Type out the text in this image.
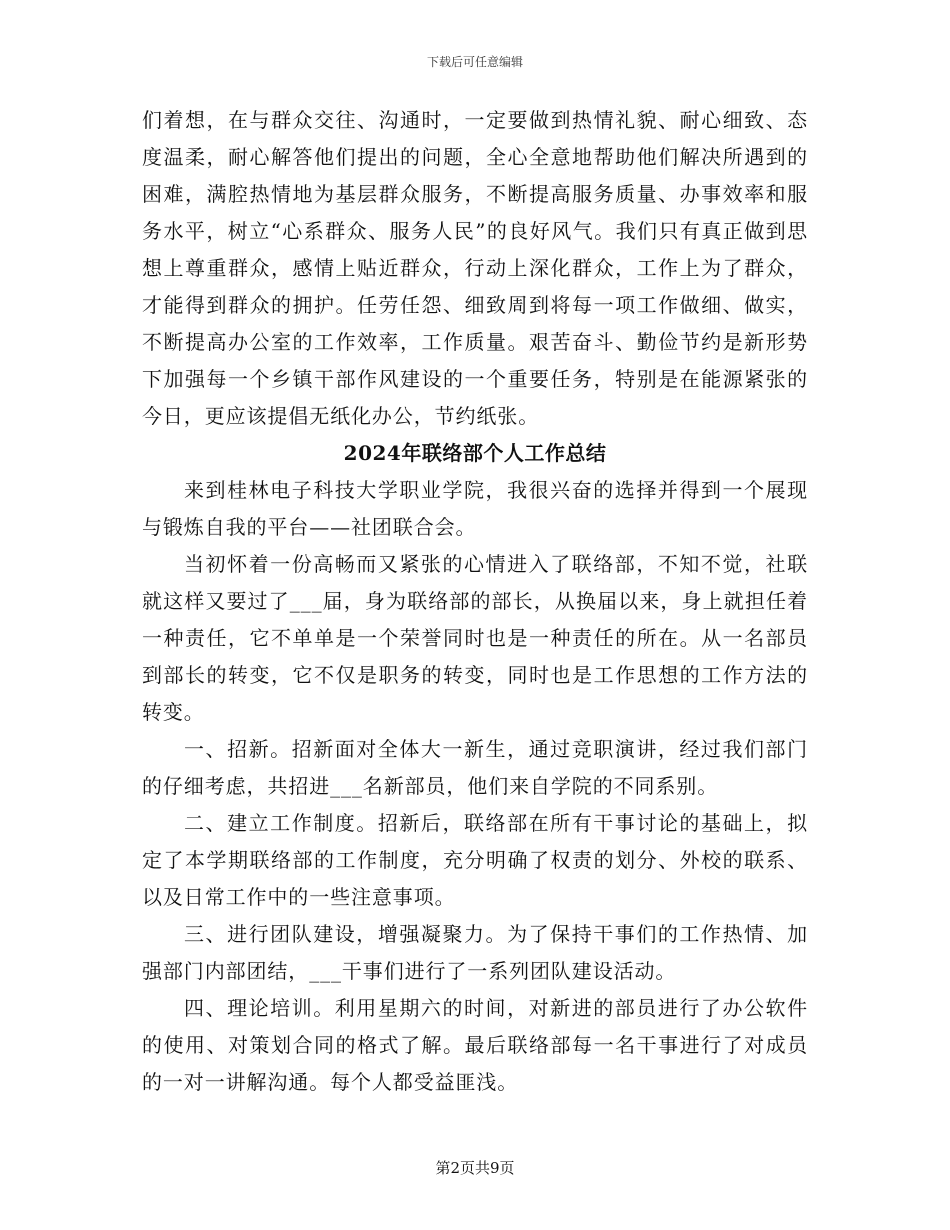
下载后可任意编辑

们着想，在与群众交往、沟通时，一定要做到热情礼貌、耐心细致、态度温柔，耐心解答他们提出的问题，全心全意地帮助他们解决所遇到的困难，满腔热情地为基层群众服务，不断提高服务质量、办事效率和服务水平，树立“心系群众、服务人民”的良好风气。我们只有真正做到思想上尊重群众，感情上贴近群众，行动上深化群众，工作上为了群众，才能得到群众的拥护。任劳任怨、细致周到将每一项工作做细、做实，不断提高办公室的工作效率，工作质量。艰苦奋斗、勤俭节约是新形势下加强每一个乡镇干部作风建设的一个重要任务，特别是在能源紧张的今日，更应该提倡无纸化办公，节约纸张。

2024年联络部个人工作总结

来到桂林电子科技大学职业学院，我很兴奋的选择并得到一个展现与锻炼自我的平台——社团联合会。

当初怀着一份高畅而又紧张的心情进入了联络部，不知不觉，社联就这样又要过了___届，身为联络部的部长，从换届以来，身上就担任着一种责任，它不单单是一个荣誉同时也是一种责任的所在。从一名部员到部长的转变，它不仅是职务的转变，同时也是工作思想的工作方法的转变。

一、招新。招新面对全体大一新生，通过竞职演讲，经过我们部门的仔细考虑，共招进___名新部员，他们来自学院的不同系别。

二、建立工作制度。招新后，联络部在所有干事讨论的基础上，拟定了本学期联络部的工作制度，充分明确了权责的划分、外校的联系、以及日常工作中的一些注意事项。

三、进行团队建设，增强凝聚力。为了保持干事们的工作热情、加强部门内部团结，___干事们进行了一系列团队建设活动。

四、理论培训。利用星期六的时间，对新进的部员进行了办公软件的使用、对策划合同的格式了解。最后联络部每一名干事进行了对成员的一对一讲解沟通。每个人都受益匪浅。

第2页共9页
